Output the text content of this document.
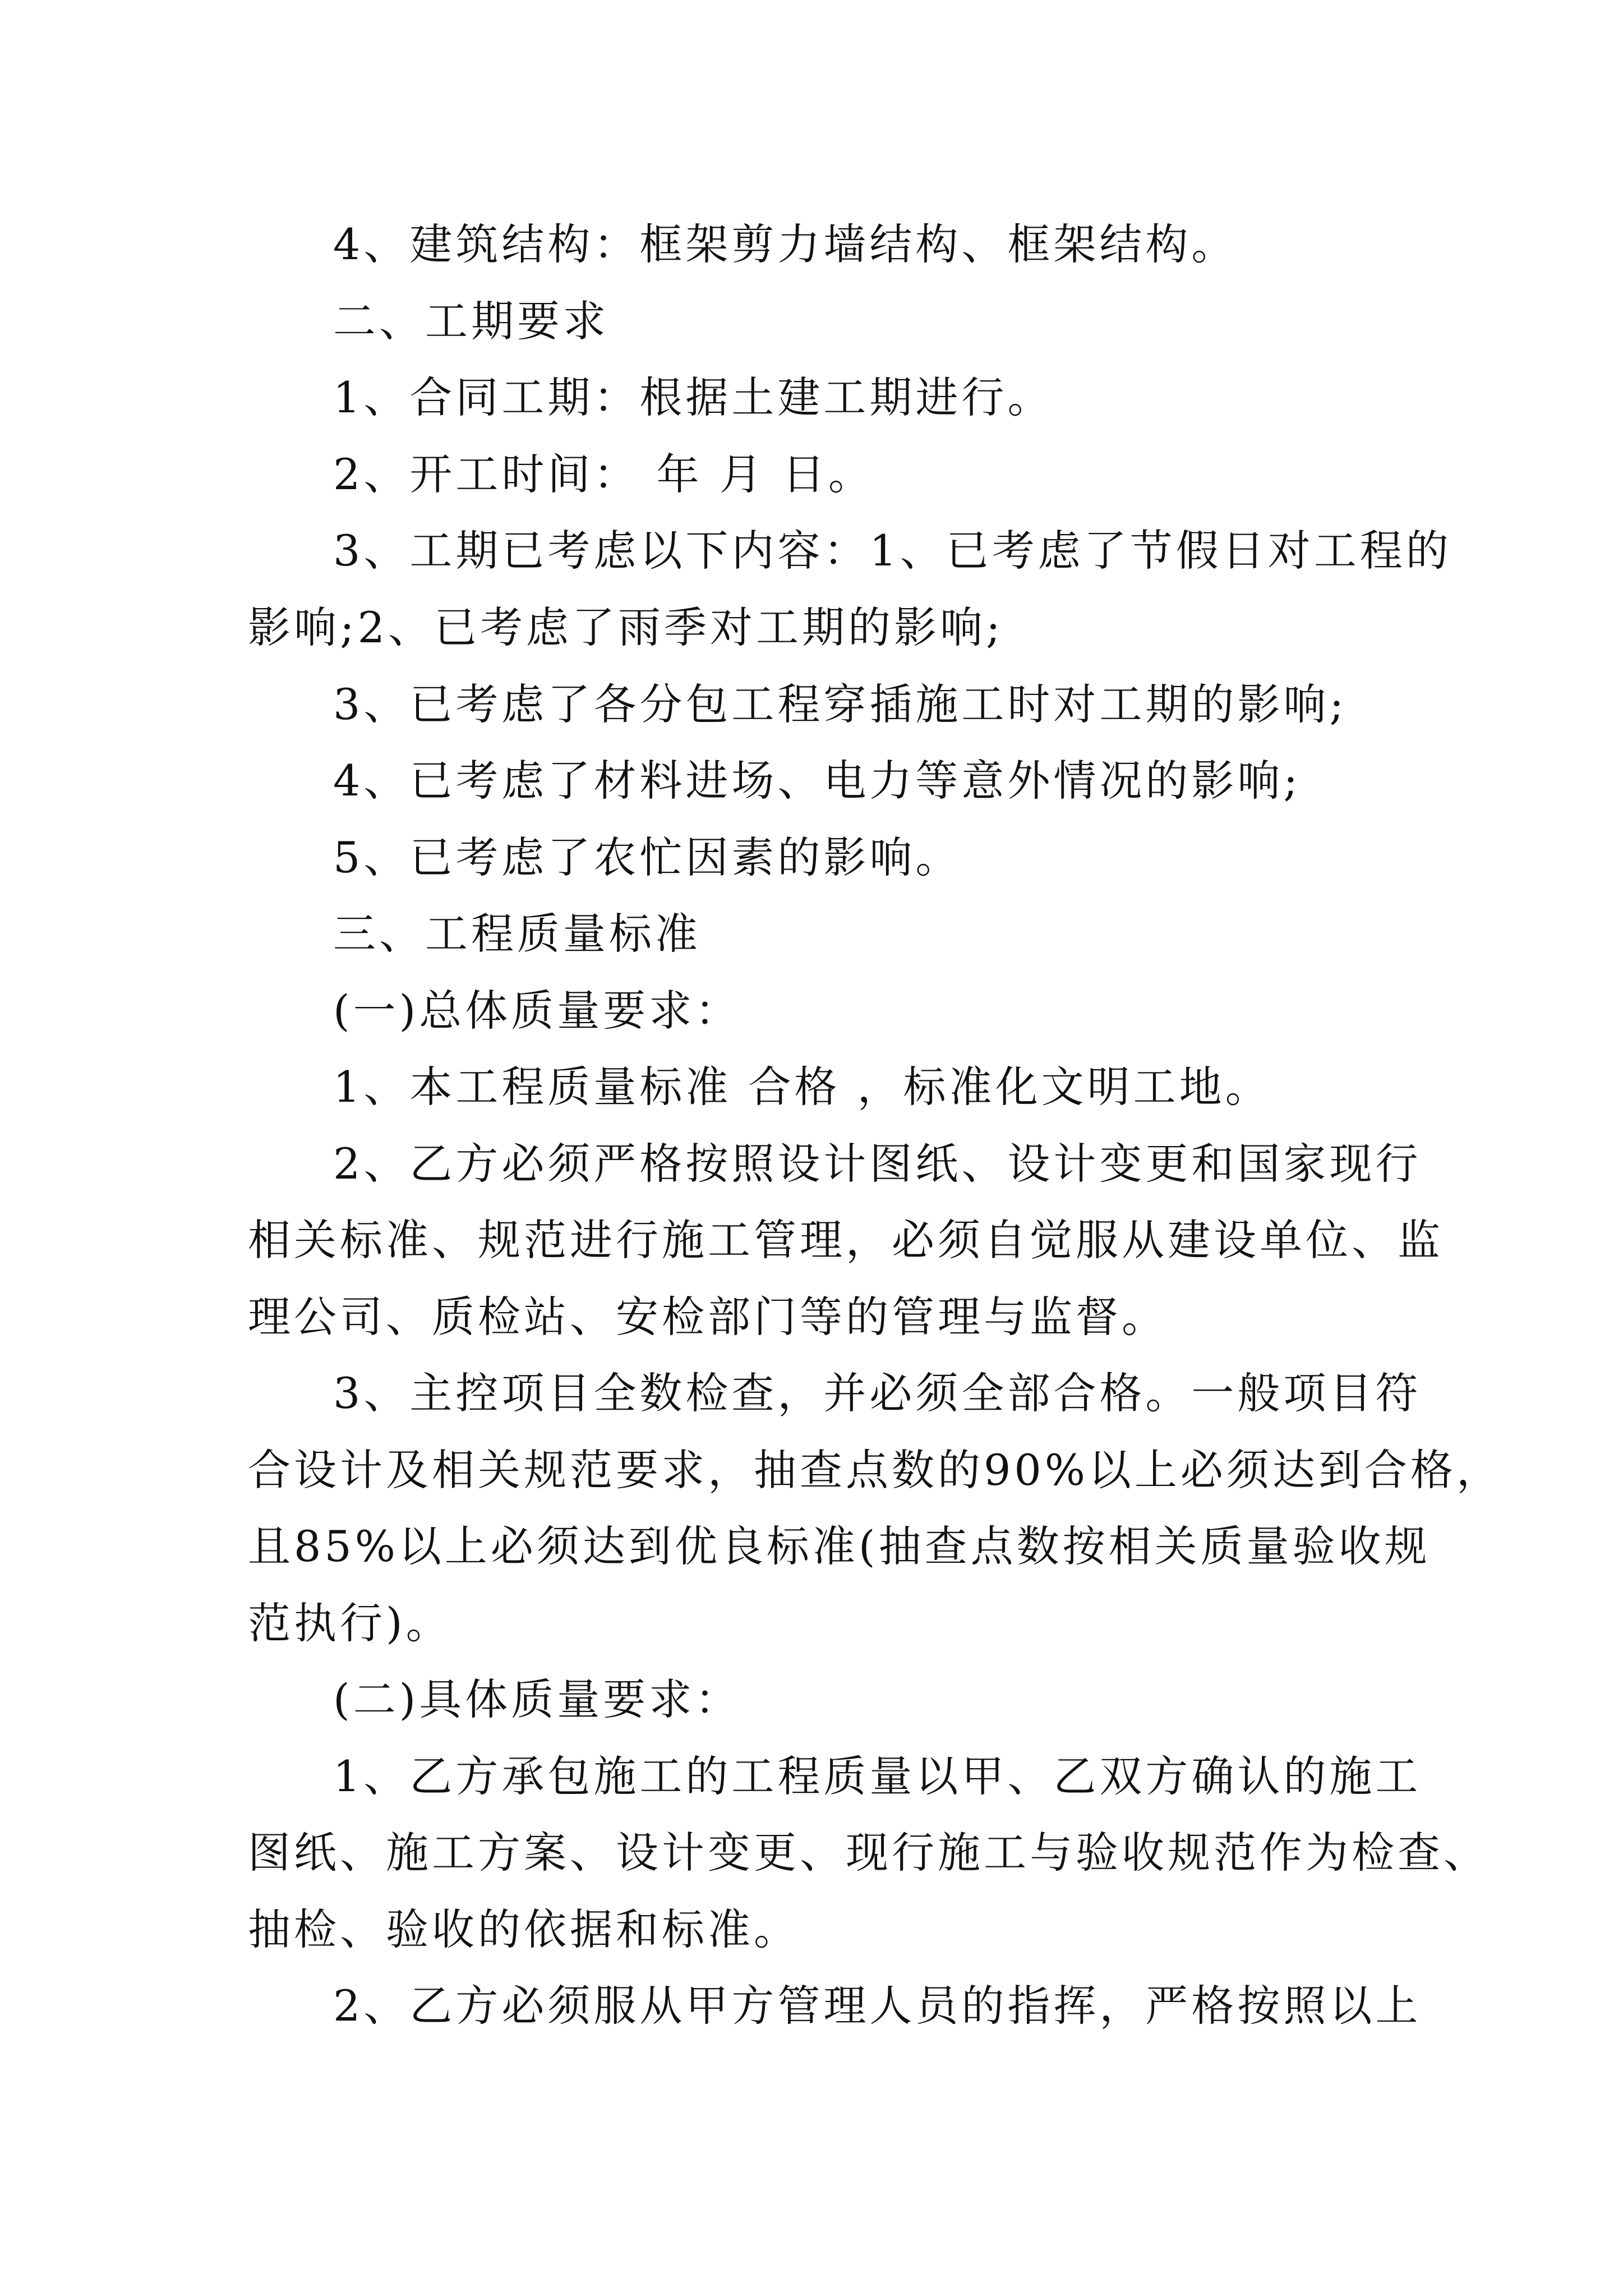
4、建筑结构：框架剪力墙结构、框架结构。
二、工期要求
1、合同工期：根据土建工期进行。
2、开工时间： 年 月 日。
3、工期已考虑以下内容：1、已考虑了节假日对工程的
影响;2、已考虑了雨季对工期的影响;
3、已考虑了各分包工程穿插施工时对工期的影响;
4、已考虑了材料进场、电力等意外情况的影响;
5、已考虑了农忙因素的影响。
三、工程质量标准
(一)总体质量要求：
1、本工程质量标准 合格 ，标准化文明工地。
2、乙方必须严格按照设计图纸、设计变更和国家现行
相关标准、规范进行施工管理，必须自觉服从建设单位、监
理公司、质检站、安检部门等的管理与监督。
3、主控项目全数检查，并必须全部合格。一般项目符
合设计及相关规范要求，抽查点数的90%以上必须达到合格，
且85%以上必须达到优良标准(抽查点数按相关质量验收规
范执行)。
(二)具体质量要求：
1、乙方承包施工的工程质量以甲、乙双方确认的施工
图纸、施工方案、设计变更、现行施工与验收规范作为检查、
抽检、验收的依据和标准。
2、乙方必须服从甲方管理人员的指挥，严格按照以上
